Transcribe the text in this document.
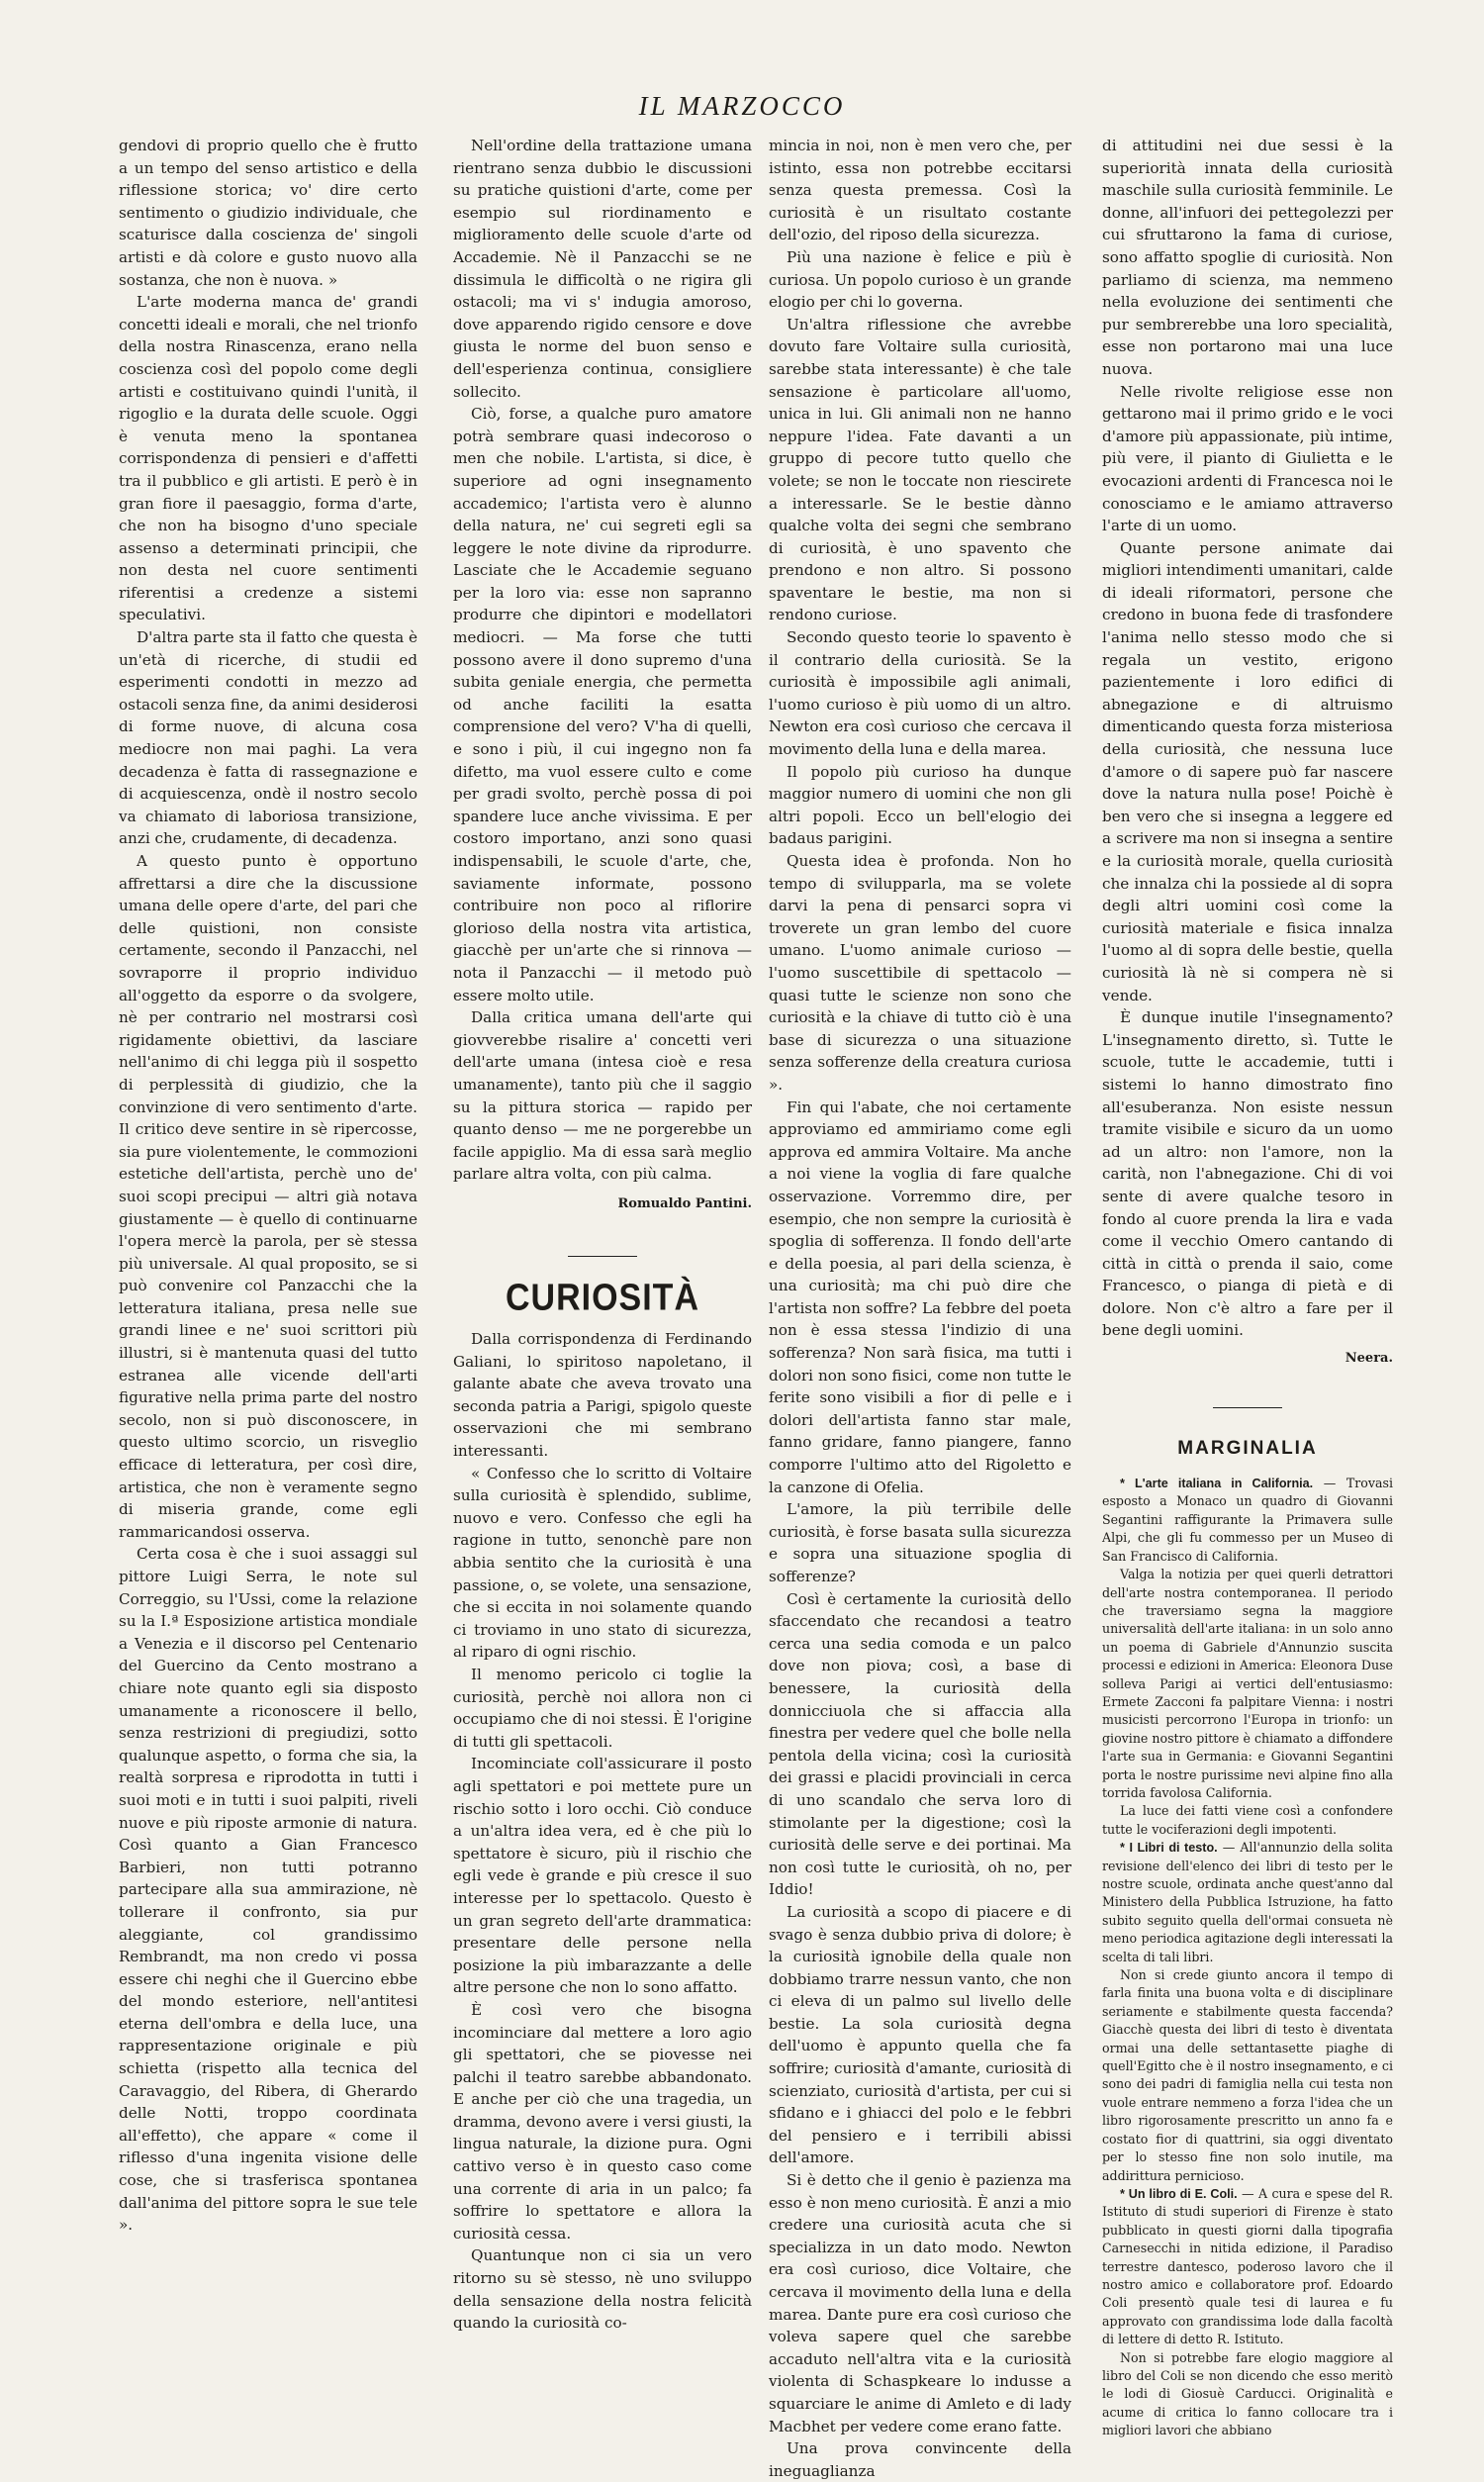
IL MARZOCCO

gendovi di proprio quello che è frutto a un tempo del senso artistico e della riflessione storica; vo' dire certo sentimento o giudizio individuale, che scaturisce dalla coscienza de' singoli artisti e dà colore e gusto nuovo alla sostanza, che non è nuova. »

L'arte moderna manca de' grandi concetti ideali e morali, che nel trionfo della nostra Rinascenza, erano nella coscienza così del popolo come degli artisti e costituivano quindi l'unità, il rigoglio e la durata delle scuole. Oggi è venuta meno la spontanea corrispondenza di pensieri e d'affetti tra il pubblico e gli artisti. E però è in gran fiore il paesaggio, forma d'arte, che non ha bisogno d'uno speciale assenso a determinati principii, che non desta nel cuore sentimenti riferentisi a credenze a sistemi speculativi.

D'altra parte sta il fatto che questa è un'età di ricerche, di studii ed esperimenti condotti in mezzo ad ostacoli senza fine, da animi desiderosi di forme nuove, di alcuna cosa mediocre non mai paghi. La vera decadenza è fatta di rassegnazione e di acquiescenza, ondè il nostro secolo va chiamato di laboriosa transizione, anzi che, crudamente, di decadenza.

A questo punto è opportuno affrettarsi a dire che la discussione umana delle opere d'arte, del pari che delle quistioni, non consiste certamente, secondo il Panzacchi, nel sovraporre il proprio individuo all'oggetto da esporre o da svolgere, nè per contrario nel mostrarsi così rigidamente obiettivi, da lasciare nell'animo di chi legga più il sospetto di perplessità di giudizio, che la convinzione di vero sentimento d'arte. Il critico deve sentire in sè ripercosse, sia pure violentemente, le commozioni estetiche dell'artista, perchè uno de' suoi scopi precipui — altri già notava giustamente — è quello di continuarne l'opera mercè la parola, per sè stessa più universale. Al qual proposito, se si può convenire col Panzacchi che la letteratura italiana, presa nelle sue grandi linee e ne' suoi scrittori più illustri, si è mantenuta quasi del tutto estranea alle vicende dell'arti figurative nella prima parte del nostro secolo, non si può disconoscere, in questo ultimo scorcio, un risveglio efficace di letteratura, per così dire, artistica, che non è veramente segno di miseria grande, come egli rammaricandosi osserva.

Certa cosa è che i suoi assaggi sul pittore Luigi Serra, le note sul Correggio, su l'Ussi, come la relazione su la I.ª Esposizione artistica mondiale a Venezia e il discorso pel Centenario del Guercino da Cento mostrano a chiare note quanto egli sia disposto umanamente a riconoscere il bello, senza restrizioni di pregiudizi, sotto qualunque aspetto, o forma che sia, la realtà sorpresa e riprodotta in tutti i suoi moti e in tutti i suoi palpiti, riveli nuove e più riposte armonie di natura. Così quanto a Gian Francesco Barbieri, non tutti potranno partecipare alla sua ammirazione, nè tollerare il confronto, sia pur aleggiante, col grandissimo Rembrandt, ma non credo vi possa essere chi neghi che il Guercino ebbe del mondo esteriore, nell'antitesi eterna dell'ombra e della luce, una rappresentazione originale e più schietta (rispetto alla tecnica del Caravaggio, del Ribera, di Gherardo delle Notti, troppo coordinata all'effetto), che appare « come il riflesso d'una ingenita visione delle cose, che si trasferisca spontanea dall'anima del pittore sopra le sue tele ».

Nell'ordine della trattazione umana rientrano senza dubbio le discussioni su pratiche quistioni d'arte, come per esempio sul riordinamento e miglioramento delle scuole d'arte od Accademie. Nè il Panzacchi se ne dissimula le difficoltà o ne rigira gli ostacoli; ma vi s' indugia amoroso, dove apparendo rigido censore e dove giusta le norme del buon senso e dell'esperienza continua, consigliere sollecito.

Ciò, forse, a qualche puro amatore potrà sembrare quasi indecoroso o men che nobile. L'artista, si dice, è superiore ad ogni insegnamento accademico; l'artista vero è alunno della natura, ne' cui segreti egli sa leggere le note divine da riprodurre. Lasciate che le Accademie seguano per la loro via: esse non sapranno produrre che dipintori e modellatori mediocri. — Ma forse che tutti possono avere il dono supremo d'una subita geniale energia, che permetta od anche faciliti la esatta comprensione del vero? V'ha di quelli, e sono i più, il cui ingegno non fa difetto, ma vuol essere culto e come per gradi svolto, perchè possa di poi spandere luce anche vivissima. E per costoro importano, anzi sono quasi indispensabili, le scuole d'arte, che, saviamente informate, possono contribuire non poco al riflorire glorioso della nostra vita artistica, giacchè per un'arte che si rinnova — nota il Panzacchi — il metodo può essere molto utile.

Dalla critica umana dell'arte qui giovverebbe risalire a' concetti veri dell'arte umana (intesa cioè e resa umanamente), tanto più che il saggio su la pittura storica — rapido per quanto denso — me ne porgerebbe un facile appiglio. Ma di essa sarà meglio parlare altra volta, con più calma.

Romualdo Pantini.

CURIOSITÀ

Dalla corrispondenza di Ferdinando Galiani, lo spiritoso napoletano, il galante abate che aveva trovato una seconda patria a Parigi, spigolo queste osservazioni che mi sembrano interessanti.

« Confesso che lo scritto di Voltaire sulla curiosità è splendido, sublime, nuovo e vero. Confesso che egli ha ragione in tutto, senonchè pare non abbia sentito che la curiosità è una passione, o, se volete, una sensazione, che si eccita in noi solamente quando ci troviamo in uno stato di sicurezza, al riparo di ogni rischio.

Il menomo pericolo ci toglie la curiosità, perchè noi allora non ci occupiamo che di noi stessi. È l'origine di tutti gli spettacoli.

Incominciate coll'assicurare il posto agli spettatori e poi mettete pure un rischio sotto i loro occhi. Ciò conduce a un'altra idea vera, ed è che più lo spettatore è sicuro, più il rischio che egli vede è grande e più cresce il suo interesse per lo spettacolo. Questo è un gran segreto dell'arte drammatica: presentare delle persone nella posizione la più imbarazzante a delle altre persone che non lo sono affatto.

È così vero che bisogna incominciare dal mettere a loro agio gli spettatori, che se piovesse nei palchi il teatro sarebbe abbandonato. E anche per ciò che una tragedia, un dramma, devono avere i versi giusti, la lingua naturale, la dizione pura. Ogni cattivo verso è in questo caso come una corrente di aria in un palco; fa soffrire lo spettatore e allora la curiosità cessa.

Quantunque non ci sia un vero ritorno su sè stesso, nè uno sviluppo della sensazione della nostra felicità quando la curiosità co-

mincia in noi, non è men vero che, per istinto, essa non potrebbe eccitarsi senza questa premessa. Così la curiosità è un risultato costante dell'ozio, del riposo della sicurezza.

Più una nazione è felice e più è curiosa. Un popolo curioso è un grande elogio per chi lo governa.

Un'altra riflessione che avrebbe dovuto fare Voltaire sulla curiosità, sarebbe stata interessante) è che tale sensazione è particolare all'uomo, unica in lui. Gli animali non ne hanno neppure l'idea. Fate davanti a un gruppo di pecore tutto quello che volete; se non le toccate non riescirete a interessarle. Se le bestie dànno qualche volta dei segni che sembrano di curiosità, è uno spavento che prendono e non altro. Si possono spaventare le bestie, ma non si rendono curiose.

Secondo questo teorie lo spavento è il contrario della curiosità. Se la curiosità è impossibile agli animali, l'uomo curioso è più uomo di un altro. Newton era così curioso che cercava il movimento della luna e della marea.

Il popolo più curioso ha dunque maggior numero di uomini che non gli altri popoli. Ecco un bell'elogio dei badaus parigini.

Questa idea è profonda. Non ho tempo di svilupparla, ma se volete darvi la pena di pensarci sopra vi troverete un gran lembo del cuore umano. L'uomo animale curioso — l'uomo suscettibile di spettacolo — quasi tutte le scienze non sono che curiosità e la chiave di tutto ciò è una base di sicurezza o una situazione senza sofferenze della creatura curiosa ».

Fin qui l'abate, che noi certamente approviamo ed ammiriamo come egli approva ed ammira Voltaire. Ma anche a noi viene la voglia di fare qualche osservazione. Vorremmo dire, per esempio, che non sempre la curiosità è spoglia di sofferenza. Il fondo dell'arte e della poesia, al pari della scienza, è una curiosità; ma chi può dire che l'artista non soffre? La febbre del poeta non è essa stessa l'indizio di una sofferenza? Non sarà fisica, ma tutti i dolori non sono fisici, come non tutte le ferite sono visibili a fior di pelle e i dolori dell'artista fanno star male, fanno gridare, fanno piangere, fanno comporre l'ultimo atto del Rigoletto e la canzone di Ofelia.

L'amore, la più terribile delle curiosità, è forse basata sulla sicurezza e sopra una situazione spoglia di sofferenze?

Così è certamente la curiosità dello sfaccendato che recandosi a teatro cerca una sedia comoda e un palco dove non piova; così, a base di benessere, la curiosità della donnicciuola che si affaccia alla finestra per vedere quel che bolle nella pentola della vicina; così la curiosità dei grassi e placidi provinciali in cerca di uno scandalo che serva loro di stimolante per la digestione; così la curiosità delle serve e dei portinai. Ma non così tutte le curiosità, oh no, per Iddio!

La curiosità a scopo di piacere e di svago è senza dubbio priva di dolore; è la curiosità ignobile della quale non dobbiamo trarre nessun vanto, che non ci eleva di un palmo sul livello delle bestie. La sola curiosità degna dell'uomo è appunto quella che fa soffrire; curiosità d'amante, curiosità di scienziato, curiosità d'artista, per cui si sfidano e i ghiacci del polo e le febbri del pensiero e i terribili abissi dell'amore.

Si è detto che il genio è pazienza ma esso è non meno curiosità. È anzi a mio credere una curiosità acuta che si specializza in un dato modo. Newton era così curioso, dice Voltaire, che cercava il movimento della luna e della marea. Dante pure era così curioso che voleva sapere quel che sarebbe accaduto nell'altra vita e la curiosità violenta di Schaspkeare lo indusse a squarciare le anime di Amleto e di lady Macbhet per vedere come erano fatte.

Una prova convincente della ineguaglianza

di attitudini nei due sessi è la superiorità innata della curiosità maschile sulla curiosità femminile. Le donne, all'infuori dei pettegolezzi per cui sfruttarono la fama di curiose, sono affatto spoglie di curiosità. Non parliamo di scienza, ma nemmeno nella evoluzione dei sentimenti che pur sembrerebbe una loro specialità, esse non portarono mai una luce nuova.

Nelle rivolte religiose esse non gettarono mai il primo grido e le voci d'amore più appassionate, più intime, più vere, il pianto di Giulietta e le evocazioni ardenti di Francesca noi le conosciamo e le amiamo attraverso l'arte di un uomo.

Quante persone animate dai migliori intendimenti umanitari, calde di ideali riformatori, persone che credono in buona fede di trasfondere l'anima nello stesso modo che si regala un vestito, erigono pazientemente i loro edifici di abnegazione e di altruismo dimenticando questa forza misteriosa della curiosità, che nessuna luce d'amore o di sapere può far nascere dove la natura nulla pose! Poichè è ben vero che si insegna a leggere ed a scrivere ma non si insegna a sentire e la curiosità morale, quella curiosità che innalza chi la possiede al di sopra degli altri uomini così come la curiosità materiale e fisica innalza l'uomo al di sopra delle bestie, quella curiosità là nè si compera nè si vende.

È dunque inutile l'insegnamento? L'insegnamento diretto, sì. Tutte le scuole, tutte le accademie, tutti i sistemi lo hanno dimostrato fino all'esuberanza. Non esiste nessun tramite visibile e sicuro da un uomo ad un altro: non l'amore, non la carità, non l'abnegazione. Chi di voi sente di avere qualche tesoro in fondo al cuore prenda la lira e vada come il vecchio Omero cantando di città in città o prenda il saio, come Francesco, o pianga di pietà e di dolore. Non c'è altro a fare per il bene degli uomini.

Neera.

MARGINALIA

* L'arte italiana in California. — Trovasi esposto a Monaco un quadro di Giovanni Segantini raffigurante la Primavera sulle Alpi, che gli fu commesso per un Museo di San Francisco di California.

Valga la notizia per quei querli detrattori dell'arte nostra contemporanea. Il periodo che traversiamo segna la maggiore universalità dell'arte italiana: in un solo anno un poema di Gabriele d'Annunzio suscita processi e edizioni in America: Eleonora Duse solleva Parigi ai vertici dell'entusiasmo: Ermete Zacconi fa palpitare Vienna: i nostri musicisti percorrono l'Europa in trionfo: un giovine nostro pittore è chiamato a diffondere l'arte sua in Germania: e Giovanni Segantini porta le nostre purissime nevi alpine fino alla torrida favolosa California.

La luce dei fatti viene così a confondere tutte le vociferazioni degli impotenti.

* I Libri di testo. — All'annunzio della solita revisione dell'elenco dei libri di testo per le nostre scuole, ordinata anche quest'anno dal Ministero della Pubblica Istruzione, ha fatto subito seguito quella dell'ormai consueta nè meno periodica agitazione degli interessati la scelta di tali libri.

Non si crede giunto ancora il tempo di farla finita una buona volta e di disciplinare seriamente e stabilmente questa faccenda? Giacchè questa dei libri di testo è diventata ormai una delle settantasette piaghe di quell'Egitto che è il nostro insegnamento, e ci sono dei padri di famiglia nella cui testa non vuole entrare nemmeno a forza l'idea che un libro rigorosamente prescritto un anno fa e costato fior di quattrini, sia oggi diventato per lo stesso fine non solo inutile, ma addirittura pernicioso.

* Un libro di E. Coli. — A cura e spese del R. Istituto di studi superiori di Firenze è stato pubblicato in questi giorni dalla tipografia Carnesecchi in nitida edizione, il Paradiso terrestre dantesco, poderoso lavoro che il nostro amico e collaboratore prof. Edoardo Coli presentò quale tesi di laurea e fu approvato con grandissima lode dalla facoltà di lettere di detto R. Istituto.

Non si potrebbe fare elogio maggiore al libro del Coli se non dicendo che esso meritò le lodi di Giosuè Carducci. Originalità e acume di critica lo fanno collocare tra i migliori lavori che abbiano
